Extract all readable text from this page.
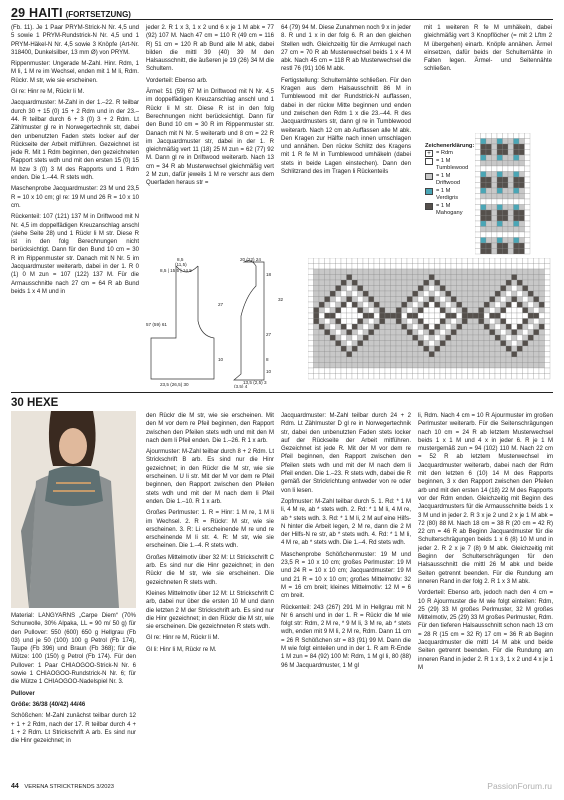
29 HAITI (FORTSETZUNG)

(Fb. 11). Je 1 Paar PRYM-Strick-N Nr. 4,5 und 5 sowie 1 PRYM-Rundstrick-N Nr. 4,5 und 1 PRYM-Häkel-N Nr. 4,5 sowie 3 Knöpfe (Art-Nr. 318400, Dunkelsilber, 13 mm Ø) von PRYM.

Rippenmuster: Ungerade M-Zahl. Hinr. Rdm, 1 M li, 1 M re im Wechsel, enden mit 1 M li, Rdm. Rückr. M str, wie sie erscheinen.

Gl re: Hinr re M, Rückr li M.

Jacquardmuster: M-Zahl in der 1.–22. R teilbar durch 30 + 15 (0) 15 + 2 Rdm und in der 23.–44. R teilbar durch 6 + 3 (0) 3 + 2 Rdm. Lt Zählmuster gl re in Norwegertechnik str, dabei den unbenutzten Faden stets locker auf der Rückseite der Arbeit mitführen. Gezeichnet ist jede R. Mit 1 Rdm beginnen, den gezeichneten Rapport stets wdh und mit den ersten 15 (0) 15 M bzw 3 (0) 3 M des Rapports und 1 Rdm enden. Die 1.–44. R stets wdh.

Maschenprobe Jacquardmuster: 23 M und 23,5 R = 10 x 10 cm; gl re: 19 M und 26 R = 10 x 10 cm.

Rückenteil: 107 (121) 137 M in Driftwood mit N Nr. 4,5 im doppelfädigen Kreuzanschlag anschl (siehe Seite 28) und 1 Rückr li M str. Diese R ist in den folg Berechnungen nicht berücksichtigt. Dann für den Bund 10 cm = 30 R im Rippenmuster str. Danach mit N Nr. 5 im Jacquardmuster weiterarb, dabei in der 1. R 0 (1) 0 M zun = 107 (122) 137 M. Für die Armausschnitte nach 27 cm = 64 R ab Bund beids 1 x 4 M und in

jeder 2. R 1 x 3, 1 x 2 und 6 x je 1 M abk = 77 (92) 107 M. Nach 47 cm = 110 R (49 cm = 116 R) 51 cm = 120 R ab Bund alle M abk, dabei bilden die mittl 39 (40) 39 M den Halsausschnitt, die äußeren je 19 (26) 34 M die Schultern.

Vorderteil: Ebenso arb.

Ärmel: 51 (59) 67 M in Driftwood mit N Nr. 4,5 im doppelfädigen Kreuzanschlag anschl und 1 Rückr li M str. Diese R ist in den folg Berechnungen nicht berücksichtigt. Dann für den Bund 10 cm = 30 R im Rippenmuster str. Danach mit N Nr. 5 weiterarb und 8 cm = 22 R im Jacquardmuster str, dabei in der 1. R gleichmäßig vert 11 (18) 25 M zun = 62 (77) 92 M. Dann gl re in Driftwood weiterarb. Nach 13 cm = 34 R ab Musterwechsel gleichmäßig vert 2 M zun, dafür jeweils 1 M re verschr aus dem Querfaden heraus str =

64 (79) 94 M. Diese Zunahmen noch 9 x in jeder 8. R und 1 x in der folg 6. R an den gleichen Stellen wdh. Gleichzeitig für die Armkugel nach 27 cm = 70 R ab Musterwechsel beids 1 x 4 M abk. Nach 45 cm = 118 R ab Musterwechsel die restl 76 (91) 106 M abk.

Fertigstellung: Schulternähte schließen. Für den Kragen aus dem Halsausschnitt 86 M in Tumblewood mit der Rundstrick-N auffassen, dabei in der rückw Mitte beginnen und enden und zwischen den Rdm 1 x die 23.–44. R des Jacquardmusters str, dann gl re in Tumblewood weiterarb. Nach 12 cm ab Auffassen alle M abk. Den Kragen zur Hälfte nach innen umschlagen und annähen. Den rückw Schlitz des Kragens mit 1 R fe M in Tumblewood umhäkeln (dabei stets in beide Lagen einstechen). Dann den Schlitzrand des im Tragen li Rückenteils

mit 1 weiteren R fe M umhäkeln, dabei gleichmäßig vert 3 Knopflöcher (= mit 2 Lftm 2 M übergehen) einarb. Knöpfe annähen. Ärmel einsetzen, dafür beids der Schulternähte in Falten legen. Ärmel- und Seitennähte schließen.

Zeichenerklärung:
+ = Rdm
= 1 M
Tumblewood
= 1 M
Driftwood
= 1 M
Verdigris
= 1 M
Mahogany
8,5
(11,5)
8,5 | 15,5 | 14,5
57 (59) 61
27
10
23,5 (26,5) 30
20 (22) 24
18
27
32
8
10
13,5 (2,5) 3
(3,5) 4
30 HEXE

Material: LANGYARNS „Carpe Diem“ (70% Schurwolle, 30% Alpaka, LL = 90 m/ 50 g) für den Pullover: 550 (600) 650 g Hellgrau (Fb 03) und je 50 (100) 100 g Petrol (Fb 174), Taupe (Fb 396) und Braun (Fb 368); für die Mütze: 100 (150) g Petrol (Fb 174). Für den Pullover: 1 Paar CHIAOGOO-Strick-N Nr. 6 sowie 1 CHIAOGOO-Rundstrick-N Nr. 6; für die Mütze 1 CHIAOGOO-Nadelspiel Nr. 3.

Pullover

Größe: 36/38 (40/42) 44/46

Schößchen: M-Zahl zunächst teilbar durch 12 + 1 + 2 Rdm, nach der 17. R teilbar durch 4 + 1 + 2 Rdm. Lt Strickschrift A arb. Es sind nur die Hinr gezeichnet; in

den Rückr die M str, wie sie erscheinen. Mit den M vor dem re Pfeil beginnen, den Rapport zwischen den Pfeilen stets wdh und mit den M nach dem li Pfeil enden. Die 1.–26. R 1 x arb.

Ajourmuster: M-Zahl teilbar durch 8 + 2 Rdm. Lt Strickschrift B arb. Es sind nur die Hinr gezeichnet; in den Rückr die M str, wie sie erscheinen. U li str. Mit der M vor dem re Pfeil beginnen, den Rapport zwischen den Pfeilen stets wdh und mit der M nach dem li Pfeil enden. Die 1.–10. R 1 x arb.

Großes Perlmuster: 1. R = Hinr: 1 M re, 1 M li im Wechsel. 2. R = Rückr: M str, wie sie erscheinen. 3. R: Li erscheinende M re und re erscheinende M li str. 4. R: M str, wie sie erscheinen. Die 1.–4. R stets wdh.

Großes Mittelmotiv über 32 M: Lt Strickschrift C arb. Es sind nur die Hinr gezeichnet; in den Rückr die M str, wie sie erscheinen. Die gezeichneten R stets wdh.

Kleines Mittelmotiv über 12 M: Lt Strickschrift C arb, dabei nur über die ersten 10 M und dann die letzten 2 M der Strickschrift arb. Es sind nur die Hinr gezeichnet; in den Rückr die M str, wie sie erscheinen. Die gezeichneten R stets wdh.

Gl re: Hinr re M, Rückr li M.

Gl li: Hinr li M, Rückr re M.

Jacquardmuster: M-Zahl teilbar durch 24 + 2 Rdm. Lt Zählmuster D gl re in Norwegertechnik str, dabei den unbenutzten Faden stets locker auf der Rückseite der Arbeit mitführen. Gezeichnet ist jede R. Mit der M vor dem re Pfeil beginnen, den Rapport zwischen den Pfeilen stets wdh und mit der M nach dem li Pfeil enden. Die 1.–23. R stets wdh, dabei die R gemäß der Strickrichtung entweder von re oder von li lesen.

Zopfmuster: M-Zahl teilbar durch 5. 1. Rd: * 1 M li, 4 M re, ab * stets wdh. 2. Rd: * 1 M li, 4 M re, ab * stets wdh. 3. Rd: * 1 M li, 2 M auf eine Hilfs-N hinter die Arbeit legen, 2 M re, dann die 2 M der Hilfs-N re str, ab * stets wdh. 4. Rd: * 1 M li, 4 M re, ab * stets wdh. Die 1.–4. Rd stets wdh.

Maschenprobe Schößchenmuster: 19 M und 23,5 R = 10 x 10 cm; großes Perlmuster: 19 M und 24 R = 10 x 10 cm; Jacquardmuster: 19 M und 21 R = 10 x 10 cm; großes Mittelmotiv: 32 M = 16 cm breit; kleines Mittelmotiv: 12 M = 6 cm breit.

Rückenteil: 243 (267) 291 M in Hellgrau mit N Nr 6 anschl und in der 1. R = Rückr die M wie folgt str: Rdm, 2 M re, * 9 M li, 3 M re, ab * stets wdh, enden mit 9 M li, 2 M re, Rdm. Dann 11 cm = 26 R Schößchen str = 83 (91) 99 M. Dann die M wie folgt einteilen und in der 1. R am R-Ende 1 M zun = 84 (92) 100 M: Rdm, 1 M gl li, 80 (88) 96 M Jacquardmuster, 1 M gl

li, Rdm. Nach 4 cm = 10 R Ajourmuster im großen Perlmuster weiterarb. Für die Seitenschrägungen nach 10 cm = 24 R ab letztem Musterwechsel beids 1 x 1 M und 4 x in jeder 6. R je 1 M mustergemäß zun = 94 (102) 110 M. Nach 22 cm = 52 R ab letztem Musterwechsel im Jacquardmuster weiterarb, dabei nach der Rdm mit den letzten 6 (10) 14 M des Rapports beginnen, 3 x den Rapport zwischen den Pfeilen arb und mit den ersten 14 (18) 22 M des Rapports vor der Rdm enden. Gleichzeitig mit Beginn des Jacquardmusters für die Armausschnitte beids 1 x 3 M und in jeder 2. R 3 x je 2 und 2 x je 1 M abk = 72 (80) 88 M. Nach 18 cm = 38 R (20 cm = 42 R) 22 cm = 46 R ab Beginn Jacquardmuster für die Schulterschrägungen beids 1 x 6 (8) 10 M und in jeder 2. R 2 x je 7 (8) 9 M abk. Gleichzeitig mit Beginn der Schulterschrägungen für den Halsausschnitt die mittl 26 M abk und beide Seiten getrennt beenden. Für die Rundung am inneren Rand in der folg 2. R 1 x 3 M abk.

Vorderteil: Ebenso arb, jedoch nach den 4 cm = 10 R Ajourmuster die M wie folgt einteilen: Rdm, 25 (29) 33 M großes Perlmuster, 32 M großes Mittelmotiv, 25 (29) 33 M großes Perlmuster, Rdm. Für den tieferen Halsausschnitt schon nach 13 cm = 28 R (15 cm = 32 R) 17 cm = 36 R ab Beginn Jacquardmuster die mittl 14 M abk und beide Seiten getrennt beenden. Für die Rundung am inneren Rand in jeder 2. R 1 x 3, 1 x 2 und 4 x je 1 M

44 VERENA STRICKTRENDS 3/2023	PassionForum.ru
